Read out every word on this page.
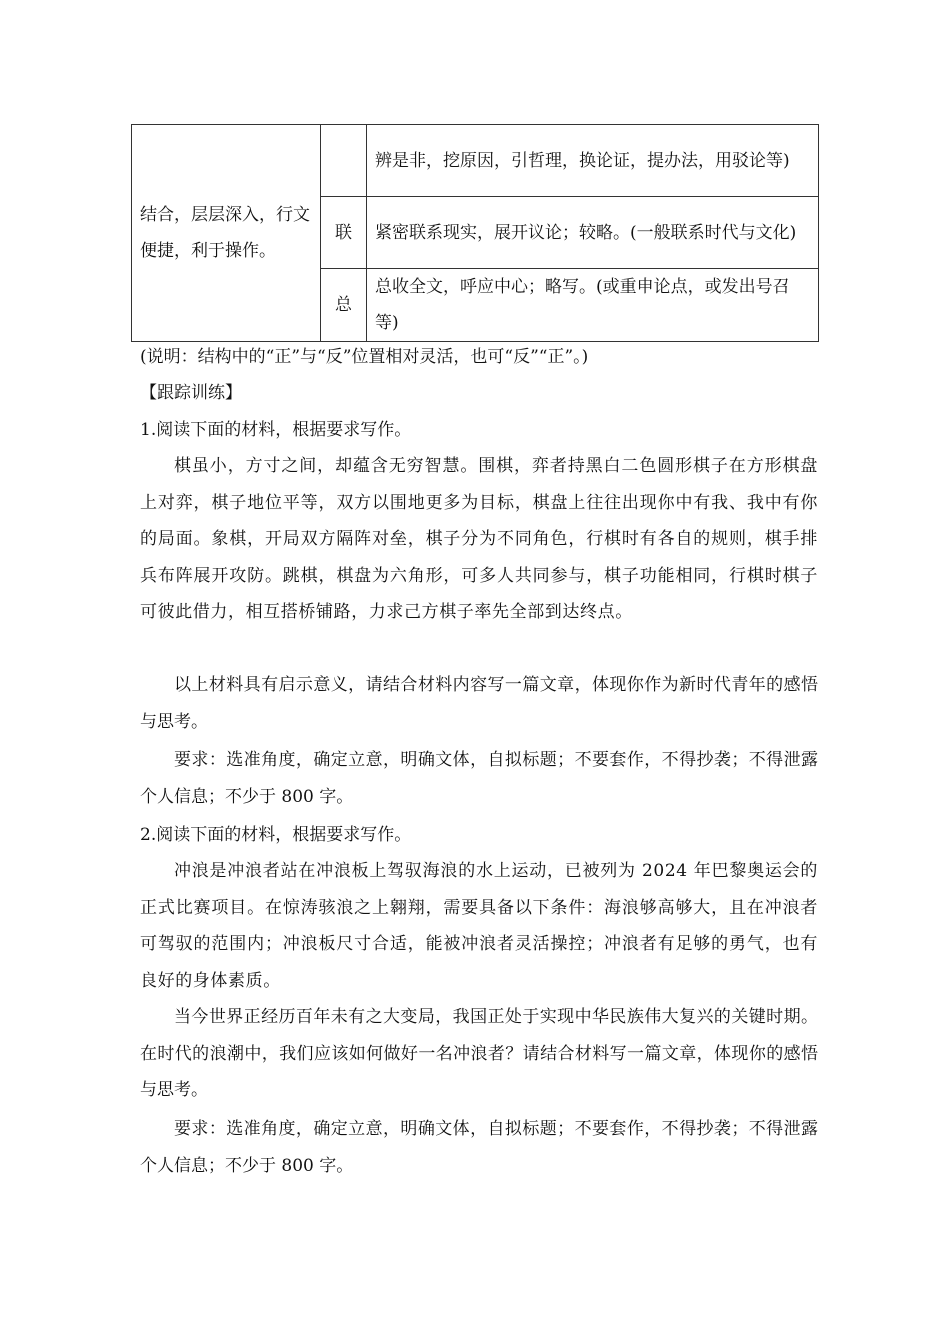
结合，层层深入，行文便捷，利于操作。		辨是非，挖原因，引哲理，换论证，提办法，用驳论等)
	联	紧密联系现实，展开议论；较略。(一般联系时代与文化)
	总	总收全文，呼应中心；略写。(或重申论点，或发出号召等)
(说明：结构中的“正”与“反”位置相对灵活，也可“反”“正”。)
【跟踪训练】
1.阅读下面的材料，根据要求写作。
棋虽小，方寸之间，却蕴含无穷智慧。围棋，弈者持黑白二色圆形棋子在方形棋盘上对弈，棋子地位平等，双方以围地更多为目标，棋盘上往往出现你中有我、我中有你的局面。象棋，开局双方隔阵对垒，棋子分为不同角色，行棋时有各自的规则，棋手排兵布阵展开攻防。跳棋，棋盘为六角形，可多人共同参与，棋子功能相同，行棋时棋子可彼此借力，相互搭桥铺路，力求己方棋子率先全部到达终点。
以上材料具有启示意义，请结合材料内容写一篇文章，体现你作为新时代青年的感悟与思考。
要求：选准角度，确定立意，明确文体，自拟标题；不要套作，不得抄袭；不得泄露个人信息；不少于 800 字。
2.阅读下面的材料，根据要求写作。
冲浪是冲浪者站在冲浪板上驾驭海浪的水上运动，已被列为 2024 年巴黎奥运会的正式比赛项目。在惊涛骇浪之上翱翔，需要具备以下条件：海浪够高够大，且在冲浪者可驾驭的范围内；冲浪板尺寸合适，能被冲浪者灵活操控；冲浪者有足够的勇气，也有良好的身体素质。
当今世界正经历百年未有之大变局，我国正处于实现中华民族伟大复兴的关键时期。在时代的浪潮中，我们应该如何做好一名冲浪者？请结合材料写一篇文章，体现你的感悟与思考。
要求：选准角度，确定立意，明确文体，自拟标题；不要套作，不得抄袭；不得泄露个人信息；不少于 800 字。
